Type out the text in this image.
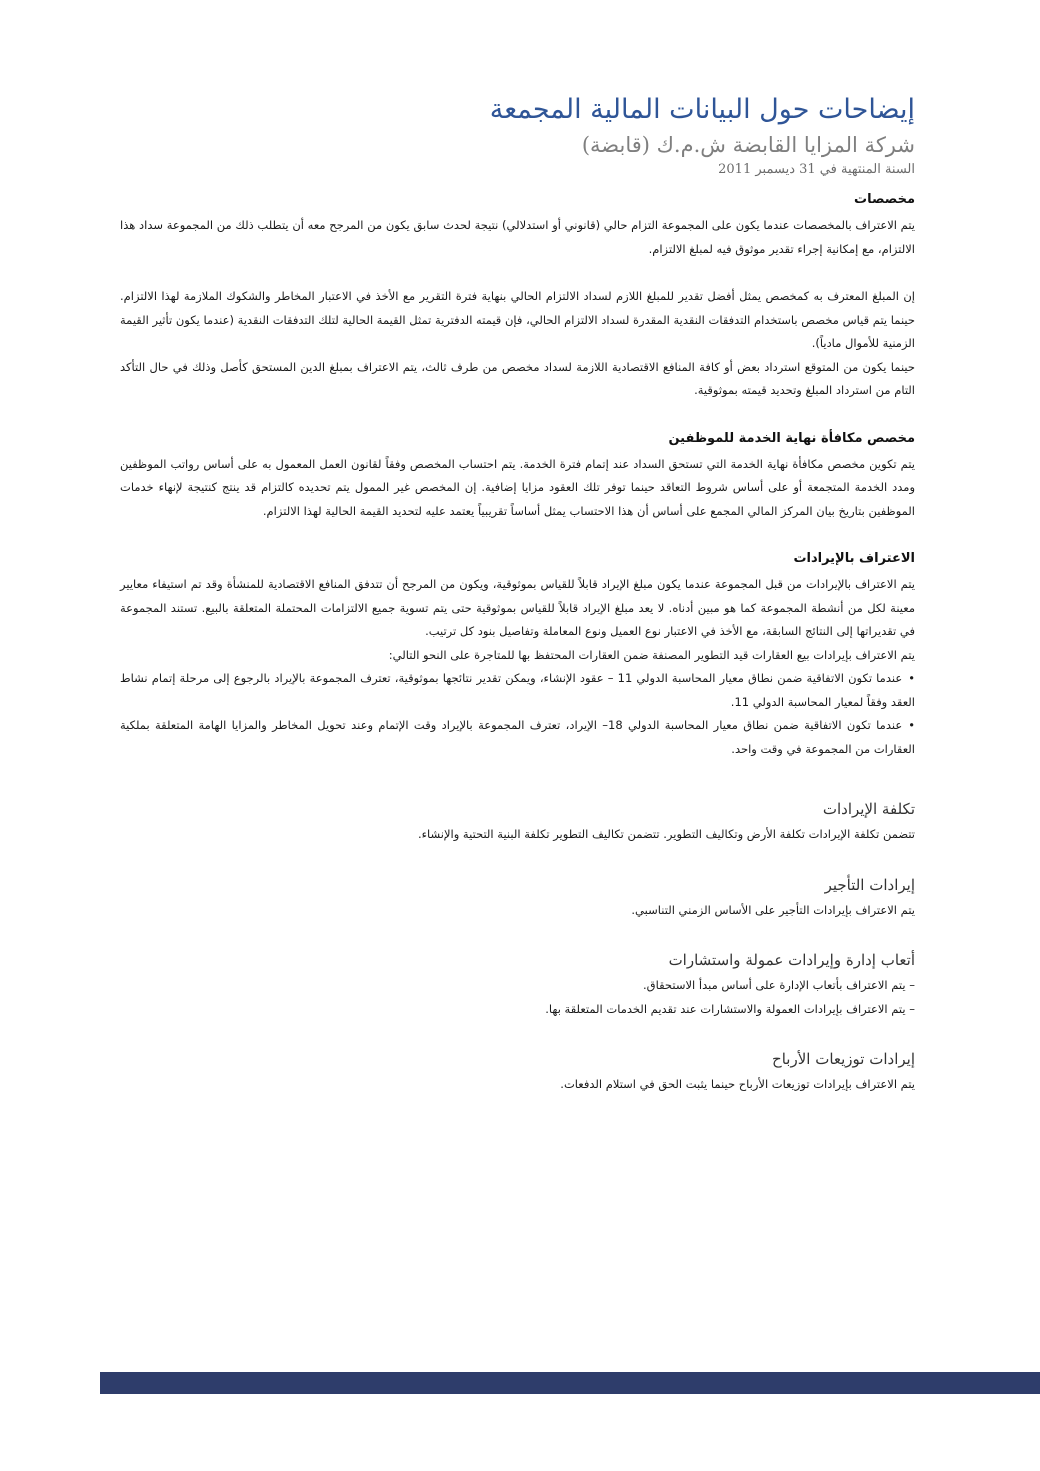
إيضاحات حول البيانات المالية المجمعة

شركة المزايا القابضة ش.م.ك (قابضة)

السنة المنتهية في 31 ديسمبر 2011

مخصصات

يتم الاعتراف بالمخصصات عندما يكون على المجموعة التزام حالي (قانوني أو استدلالي) نتيجة لحدث سابق يكون من المرجح معه أن يتطلب ذلك من المجموعة سداد هذا الالتزام، مع إمكانية إجراء تقدير موثوق فيه لمبلغ الالتزام.

إن المبلغ المعترف به كمخصص يمثل أفضل تقدير للمبلغ اللازم لسداد الالتزام الحالي بنهاية فترة التقرير مع الأخذ في الاعتبار المخاطر والشكوك الملازمة لهذا الالتزام. حينما يتم قياس مخصص باستخدام التدفقات النقدية المقدرة لسداد الالتزام الحالي، فإن قيمته الدفترية تمثل القيمة الحالية لتلك التدفقات النقدية (عندما يكون تأثير القيمة الزمنية للأموال مادياً).

حينما يكون من المتوقع استرداد بعض أو كافة المنافع الاقتصادية اللازمة لسداد مخصص من طرف ثالث، يتم الاعتراف بمبلغ الدين المستحق كأصل وذلك في حال التأكد التام من استرداد المبلغ وتحديد قيمته بموثوقية.

مخصص مكافأة نهاية الخدمة للموظفين

يتم تكوين مخصص مكافأة نهاية الخدمة التي تستحق السداد عند إتمام فترة الخدمة. يتم احتساب المخصص وفقاً لقانون العمل المعمول به على أساس رواتب الموظفين ومدد الخدمة المتجمعة أو على أساس شروط التعاقد حينما توفر تلك العقود مزايا إضافية. إن المخصص غير الممول يتم تحديده كالتزام قد ينتج كنتيجة لإنهاء خدمات الموظفين بتاريخ بيان المركز المالي المجمع على أساس أن هذا الاحتساب يمثل أساساً تقريبياً يعتمد عليه لتحديد القيمة الحالية لهذا الالتزام.

الاعتراف بالإيرادات

يتم الاعتراف بالإيرادات من قبل المجموعة عندما يكون مبلغ الإيراد قابلاً للقياس بموثوقية، ويكون من المرجح أن تتدفق المنافع الاقتصادية للمنشأة وقد تم استيفاء معايير معينة لكل من أنشطة المجموعة كما هو مبين أدناه. لا يعد مبلغ الإيراد قابلاً للقياس بموثوقية حتى يتم تسوية جميع الالتزامات المحتملة المتعلقة بالبيع. تستند المجموعة في تقديراتها إلى النتائج السابقة، مع الأخذ في الاعتبار نوع العميل ونوع المعاملة وتفاصيل بنود كل ترتيب.

يتم الاعتراف بإيرادات بيع العقارات قيد التطوير المصنفة ضمن العقارات المحتفظ بها للمتاجرة على النحو التالي:

•عندما تكون الاتفاقية ضمن نطاق معيار المحاسبة الدولي 11 – عقود الإنشاء، ويمكن تقدير نتائجها بموثوقية، تعترف المجموعة بالإيراد بالرجوع إلى مرحلة إتمام نشاط العقد وفقاً لمعيار المحاسبة الدولي 11.

•عندما تكون الاتفاقية ضمن نطاق معيار المحاسبة الدولي 18– الإيراد، تعترف المجموعة بالإيراد وقت الإتمام وعند تحويل المخاطر والمزايا الهامة المتعلقة بملكية العقارات من المجموعة في وقت واحد.

تكلفة الإيرادات

تتضمن تكلفة الإيرادات تكلفة الأرض وتكاليف التطوير. تتضمن تكاليف التطوير تكلفة البنية التحتية والإنشاء.

إيرادات التأجير

يتم الاعتراف بإيرادات التأجير على الأساس الزمني التناسبي.

أتعاب إدارة وإيرادات عمولة واستشارات

– يتم الاعتراف بأتعاب الإدارة على أساس مبدأ الاستحقاق.

– يتم الاعتراف بإيرادات العمولة والاستشارات عند تقديم الخدمات المتعلقة بها.

إيرادات توزيعات الأرباح

يتم الاعتراف بإيرادات توزيعات الأرباح حينما يثبت الحق في استلام الدفعات.
